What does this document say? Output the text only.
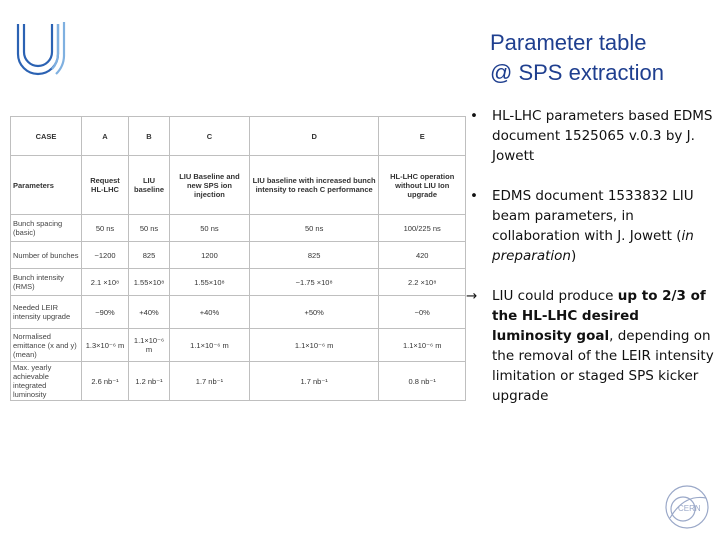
Parameter table
@ SPS extraction
CASE	A	B	C	D	E
Parameters	Request HL-LHC	LIU baseline	LIU Baseline and new SPS ion injection	LIU baseline with increased bunch intensity to reach C performance	HL-LHC operation without LIU Ion upgrade
Bunch spacing (basic)	50 ns	50 ns	50 ns	50 ns	100/225 ns
Number of bunches	~1200	825	1200	825	420
Bunch intensity (RMS)	2.1 ×10⁸	1.55×10⁸	1.55×10⁸	~1.75 ×10⁸	2.2 ×10⁸
Needed LEIR intensity upgrade	~90%	+40%	+40%	+50%	~0%
Normalised emittance (x and y) (mean)	1.3×10⁻⁶ m	1.1×10⁻⁶ m	1.1×10⁻⁶ m	1.1×10⁻⁶ m	1.1×10⁻⁶ m
Max. yearly achievable integrated luminosity	2.6 nb⁻¹	1.2 nb⁻¹	1.7 nb⁻¹	1.7 nb⁻¹	0.8 nb⁻¹
• HL-LHC parameters based EDMS document 1525065 v.0.3 by J. Jowett
• EDMS document 1533832 LIU beam parameters, in collaboration with J. Jowett (in preparation)
→ LIU could produce up to 2/3 of the HL-LHC desired luminosity goal, depending on the removal of the LEIR intensity limitation or staged SPS kicker upgrade
CERN
